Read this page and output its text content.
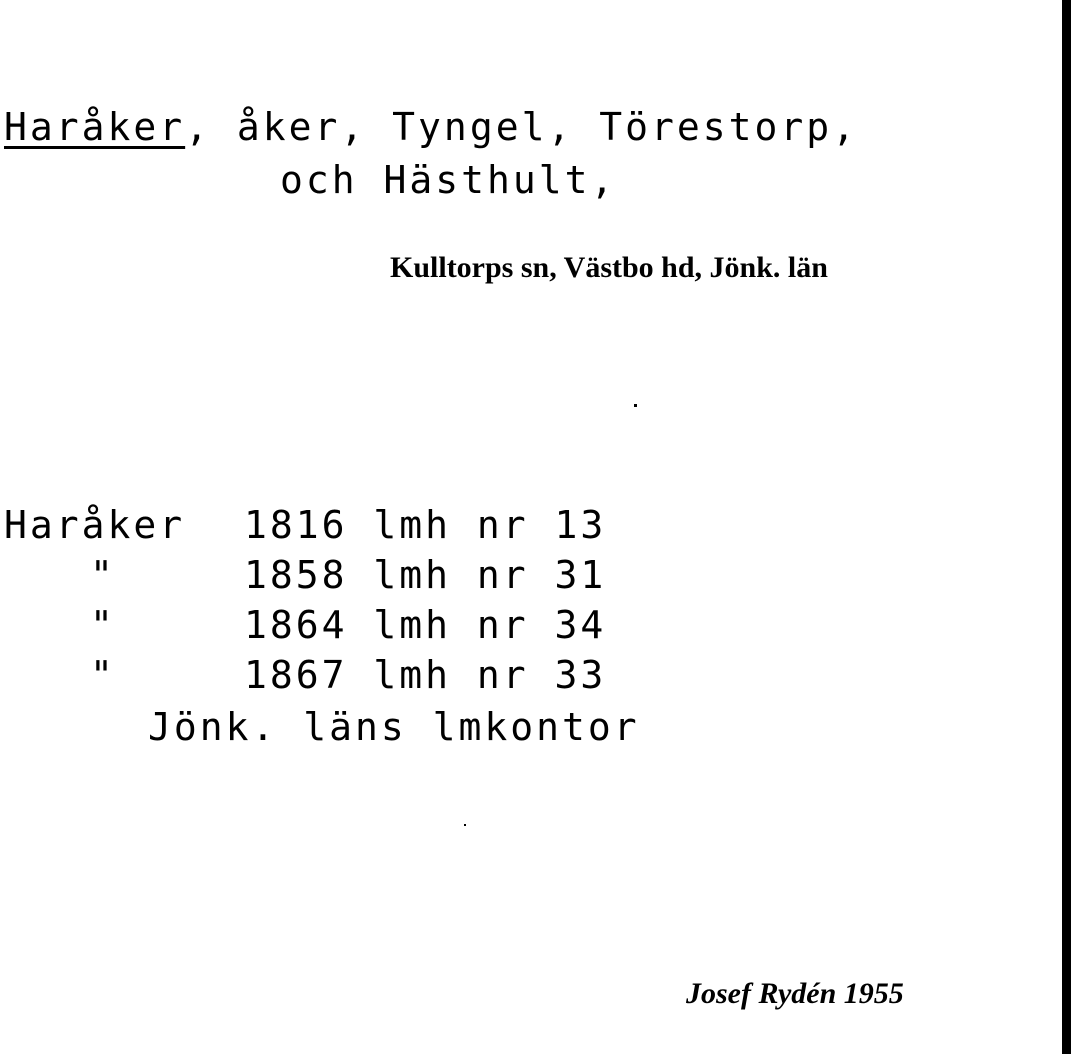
Haråker, åker, Tyngel, Törestorp,

och Hästhult,

Kulltorps sn, Västbo hd, Jönk. län
Haråker 1816 lmh nr 13
"	1858 lmh nr 31
"	1864 lmh nr 34
"	1867 lmh nr 33

Jönk. läns lmkontor

Josef Rydén 1955
